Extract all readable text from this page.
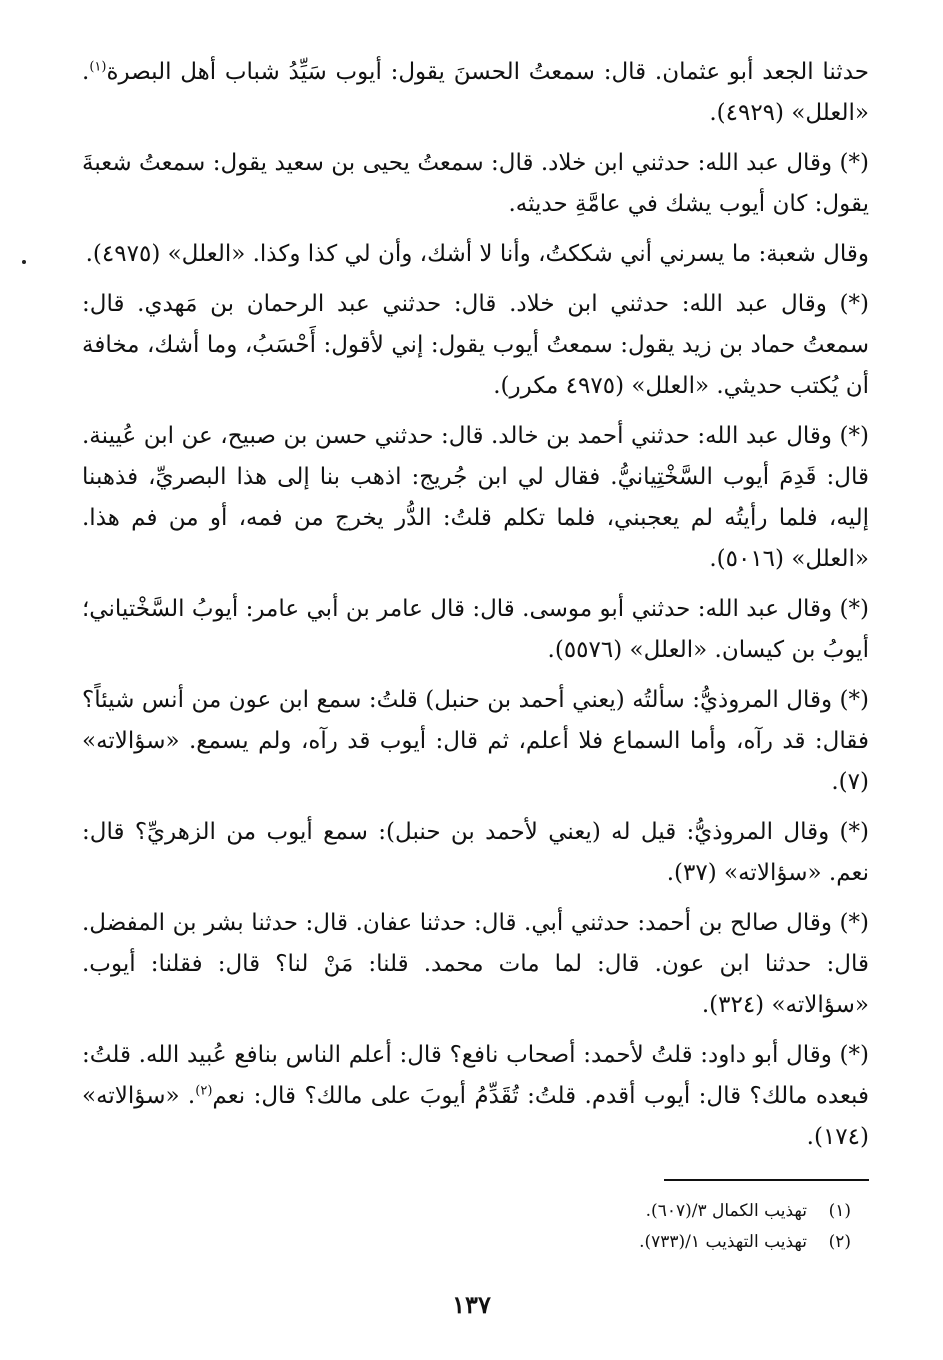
حدثنا الجعد أبو عثمان. قال: سمعتُ الحسنَ يقول: أيوب سَيِّدُ شباب أهل البصرة$^{(١)}$. «العلل» (٤٩٢٩).

(*) وقال عبد الله: حدثني ابن خلاد. قال: سمعتُ يحيى بن سعيد يقول: سمعتُ شعبةَ يقول: كان أيوب يشك في عامَّةِ حديثه.

وقال شعبة: ما يسرني أني شككتُ، وأنا لا أشك، وأن لي كذا وكذا. «العلل» (٤٩٧٥).

(*) وقال عبد الله: حدثني ابن خلاد. قال: حدثني عبد الرحمان بن مَهدي. قال: سمعتُ حماد بن زيد يقول: سمعتُ أيوب يقول: إني لأقول: أَحْسَبُ، وما أشك، مخافة أن يُكتب حديثي. «العلل» (٤٩٧٥ مكرر).

(*) وقال عبد الله: حدثني أحمد بن خالد. قال: حدثني حسن بن صبيح، عن ابن عُيينة. قال: قَدِمَ أيوب السَّخْتِيانيُّ. فقال لي ابن جُريج: اذهب بنا إلى هذا البصريِّ، فذهبنا إليه، فلما رأيتُه لم يعجبني، فلما تكلم قلتُ: الدُّر يخرج من فمه، أو من فم هذا. «العلل» (٥٠١٦).

(*) وقال عبد الله: حدثني أبو موسى. قال: قال عامر بن أبي عامر: أيوبُ السَّخْتياني؛ أيوبُ بن كيسان. «العلل» (٥٥٧٦).

(*) وقال المروذيُّ: سألتُه (يعني أحمد بن حنبل) قلتُ: سمع ابن عون من أنس شيئاً؟ فقال: قد رآه، وأما السماع فلا أعلم، ثم قال: أيوب قد رآه، ولم يسمع. «سؤالاته» (٧).

(*) وقال المروذيُّ: قيل له (يعني لأحمد بن حنبل): سمع أيوب من الزهريِّ؟ قال: نعم. «سؤالاته» (٣٧).

(*) وقال صالح بن أحمد: حدثني أبي. قال: حدثنا عفان. قال: حدثنا بشر بن المفضل. قال: حدثنا ابن عون. قال: لما مات محمد. قلنا: مَنْ لنا؟ قال: فقلنا: أيوب. «سؤالاته» (٣٢٤).

(*) وقال أبو داود: قلتُ لأحمد: أصحاب نافع؟ قال: أعلم الناس بنافع عُبيد الله. قلتُ: فبعده مالك؟ قال: أيوب أقدم. قلتُ: تُقَدِّمُ أيوبَ على مالك؟ قال: نعم$^{(٢)}$. «سؤالاته» (١٧٤).

(١)تهذيب الكمال ٣/(٦٠٧).
(٢)تهذيب التهذيب ١/(٧٣٣).
١٣٧
